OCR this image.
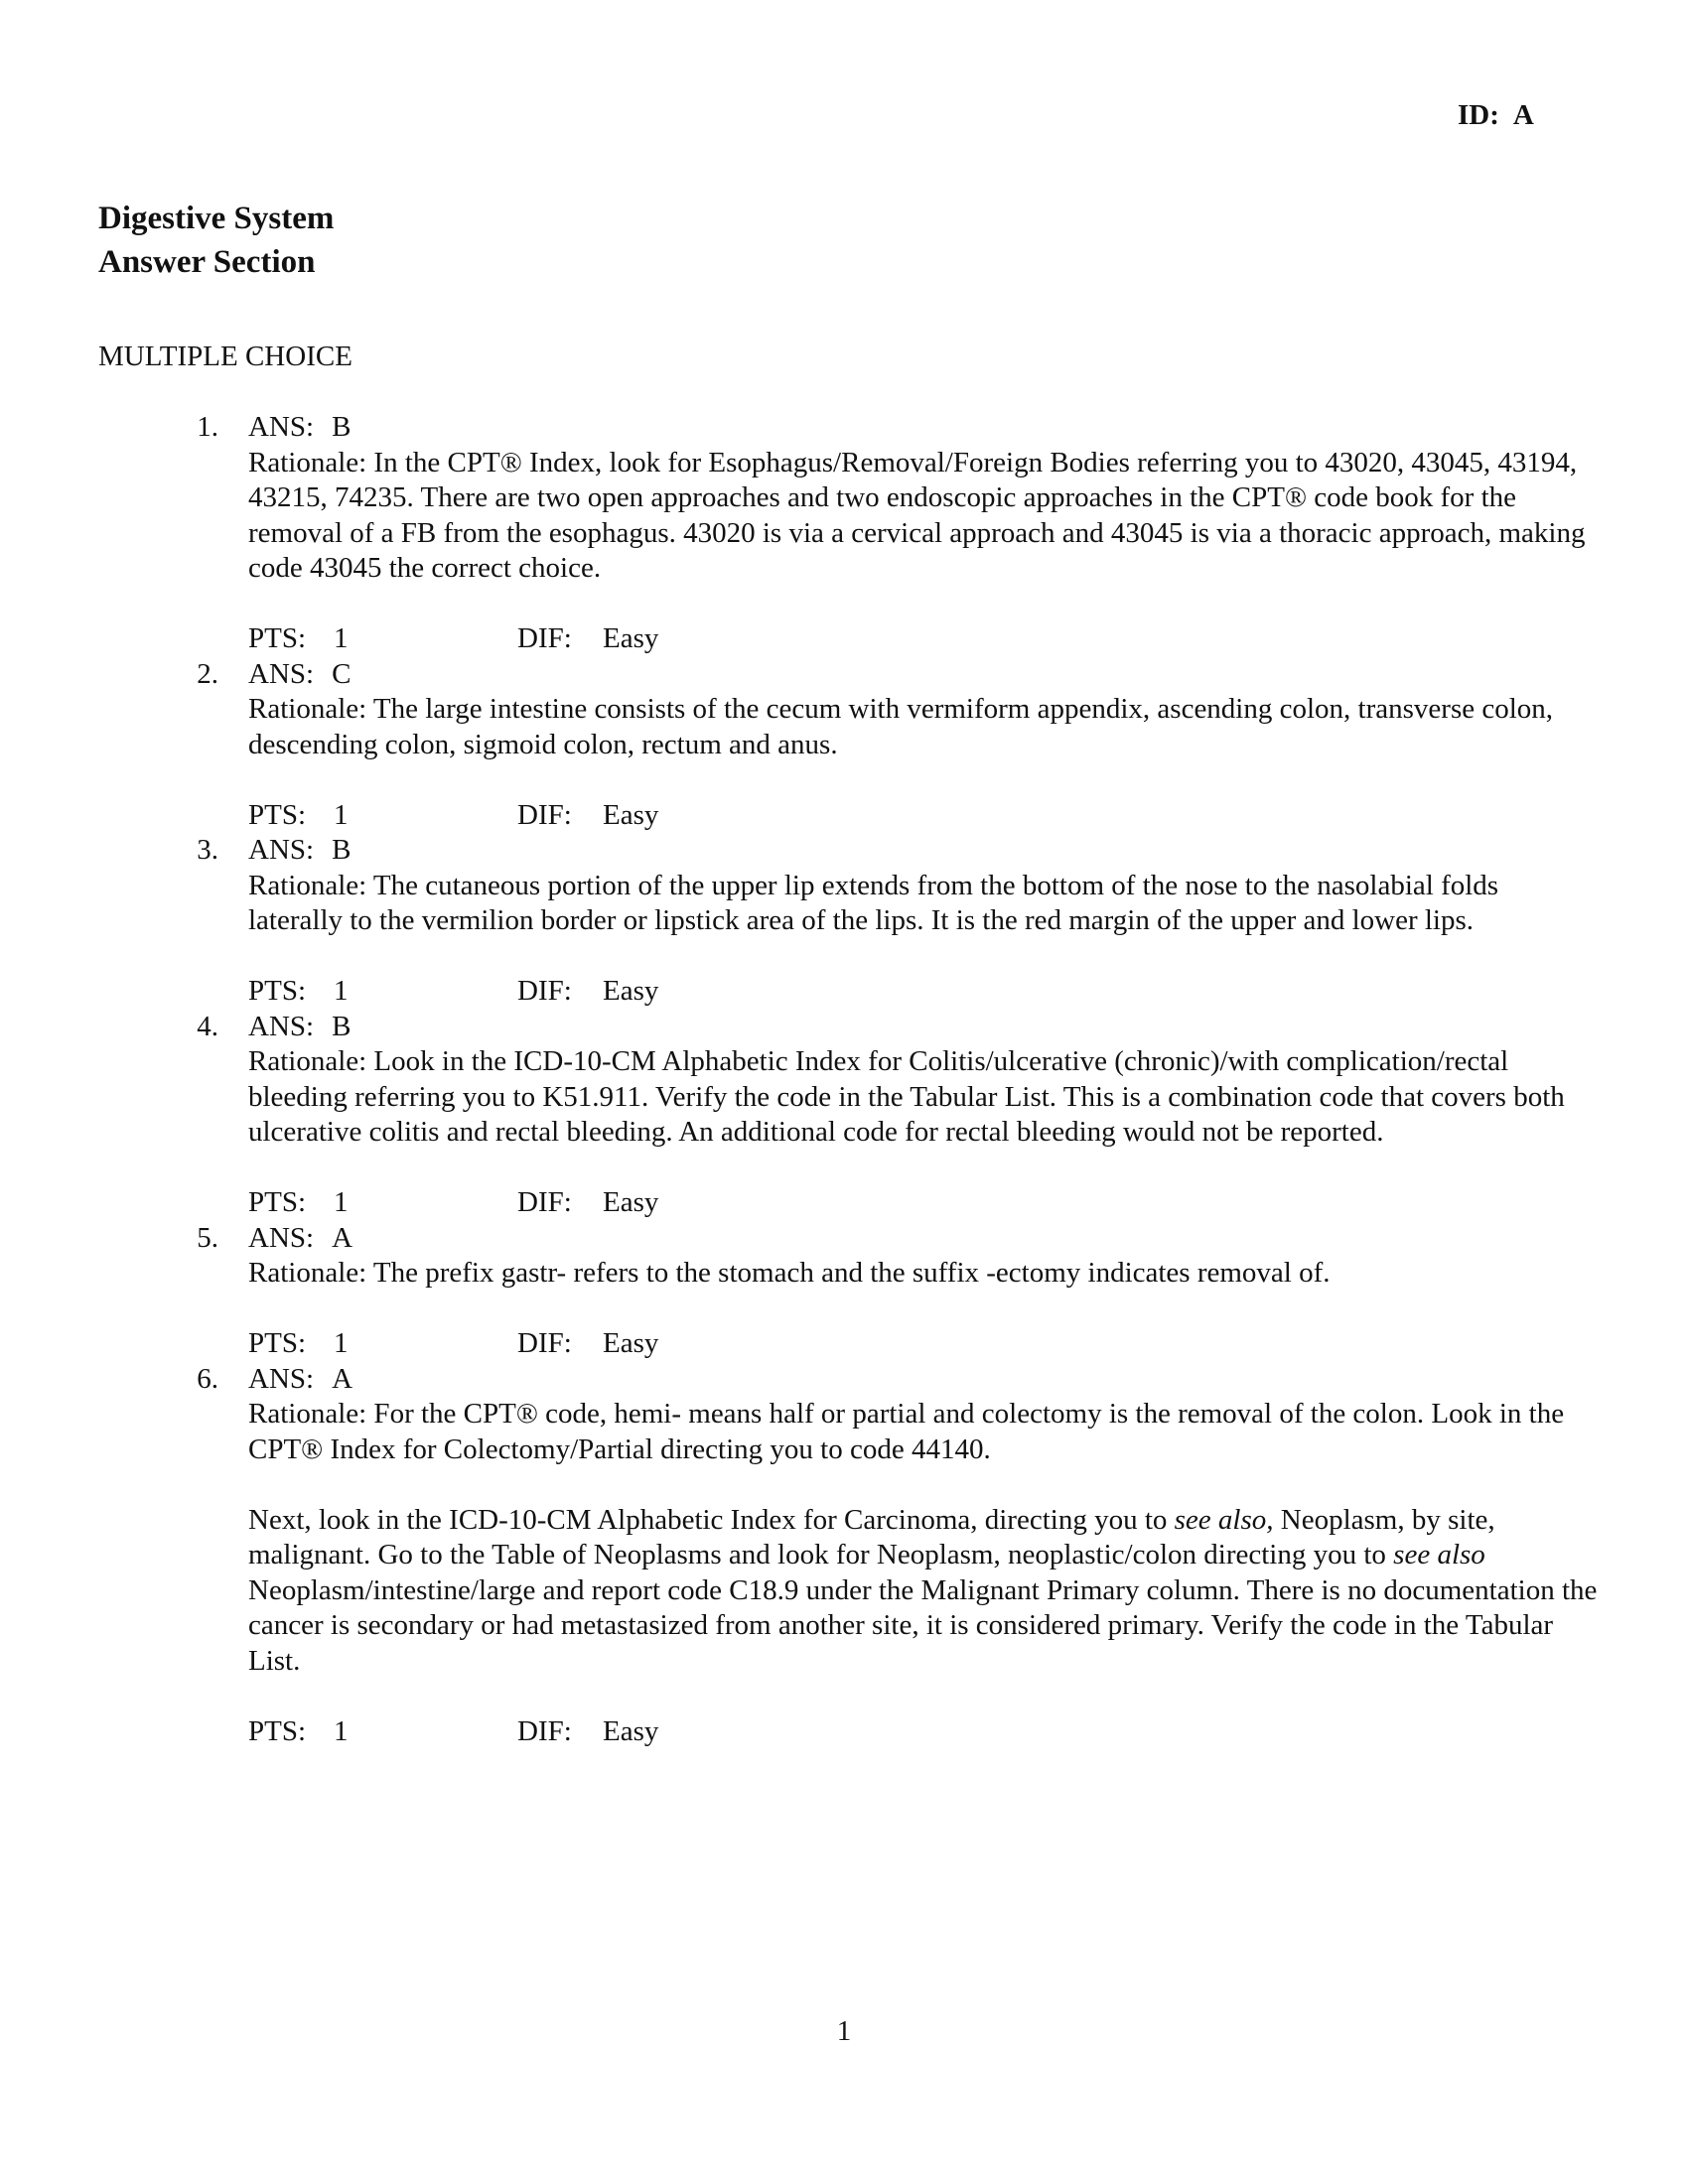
ID: A
Digestive System
Answer Section
MULTIPLE CHOICE
1. ANS: B

Rationale: In the CPT® Index, look for Esophagus/Removal/Foreign Bodies referring you to 43020, 43045, 43194, 43215, 74235. There are two open approaches and two endoscopic approaches in the CPT® code book for the removal of a FB from the esophagus. 43020 is via a cervical approach and 43045 is via a thoracic approach, making code 43045 the correct choice.

PTS: 1	DIF: Easy
2. ANS: C

Rationale: The large intestine consists of the cecum with vermiform appendix, ascending colon, transverse colon, descending colon, sigmoid colon, rectum and anus.

PTS: 1	DIF: Easy
3. ANS: B

Rationale: The cutaneous portion of the upper lip extends from the bottom of the nose to the nasolabial folds laterally to the vermilion border or lipstick area of the lips. It is the red margin of the upper and lower lips.

PTS: 1	DIF: Easy
4. ANS: B

Rationale: Look in the ICD-10-CM Alphabetic Index for Colitis/ulcerative (chronic)/with complication/rectal bleeding referring you to K51.911. Verify the code in the Tabular List. This is a combination code that covers both ulcerative colitis and rectal bleeding. An additional code for rectal bleeding would not be reported.

PTS: 1	DIF: Easy
5. ANS: A

Rationale: The prefix gastr- refers to the stomach and the suffix -ectomy indicates removal of.

PTS: 1	DIF: Easy
6. ANS: A

Rationale: For the CPT® code, hemi- means half or partial and colectomy is the removal of the colon. Look in the CPT® Index for Colectomy/Partial directing you to code 44140.

Next, look in the ICD-10-CM Alphabetic Index for Carcinoma, directing you to see also, Neoplasm, by site, malignant. Go to the Table of Neoplasms and look for Neoplasm, neoplastic/colon directing you to see also Neoplasm/intestine/large and report code C18.9 under the Malignant Primary column. There is no documentation the cancer is secondary or had metastasized from another site, it is considered primary. Verify the code in the Tabular List.

PTS: 1	DIF: Easy
1
